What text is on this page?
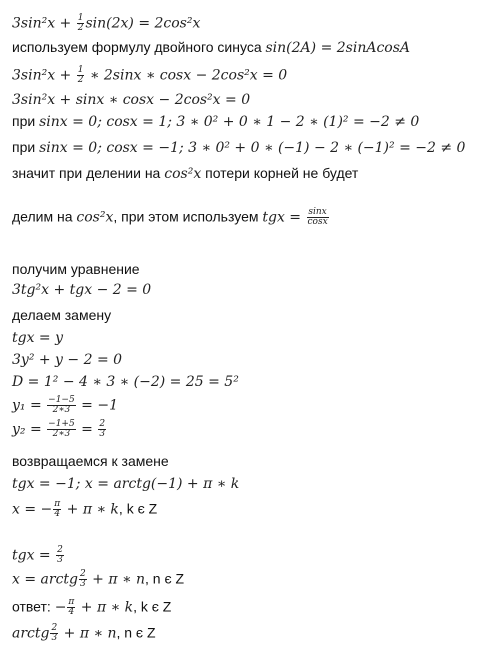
$3\sin^2x + \frac{1}{2} \sin(2x) = 2\cos^2x$
используем формулу двойного синуса sin(2A) = 2sinAcosA
$3\sin^2x + \frac{1}{2}$ ∗ 2sinx ∗ cosx − 2cos²x = 0
3sin²x + sinx ∗ cosx − 2cos²x = 0
при sinx = 0; cosx = 1; 3 ∗ 0² + 0 ∗ 1 − 2 ∗ (1)² = −2 ≠ 0
при sinx = 0; cosx = −1; 3 ∗ 0² + 0 ∗ (−1) − 2 ∗ (−1)² = −2 ≠ 0
значит при делении на cos²x потери корней не будет
делим на cos²x, при этом используем tgx = $\frac{\sin x}{\cos x}$
получим уравнение
3tg²x + tgx − 2 = 0
делаем замену
tgx = y
3y² + y − 2 = 0
D = 1² − 4 ∗ 3 ∗ (−2) = 25 = 5²
$y_1 = \frac{-1-5}{2∗3} = -1$
$y_2 = \frac{-1+5}{2∗3} = \frac{2}{3}$
возвращаемся к замене
tgx = −1; x = arctg(−1) + π ∗ k
x = − $\frac{\pi}{4} + \pi$ ∗ k, k є Z
tgx = $\frac{2}{3}$
x = arctg $\frac{2}{3} + \pi$ ∗ n, n є Z
ответ: − $\frac{\pi}{4} + \pi$ ∗ k, k є Z
arctg $\frac{2}{3} + \pi$ ∗ n, n є Z
